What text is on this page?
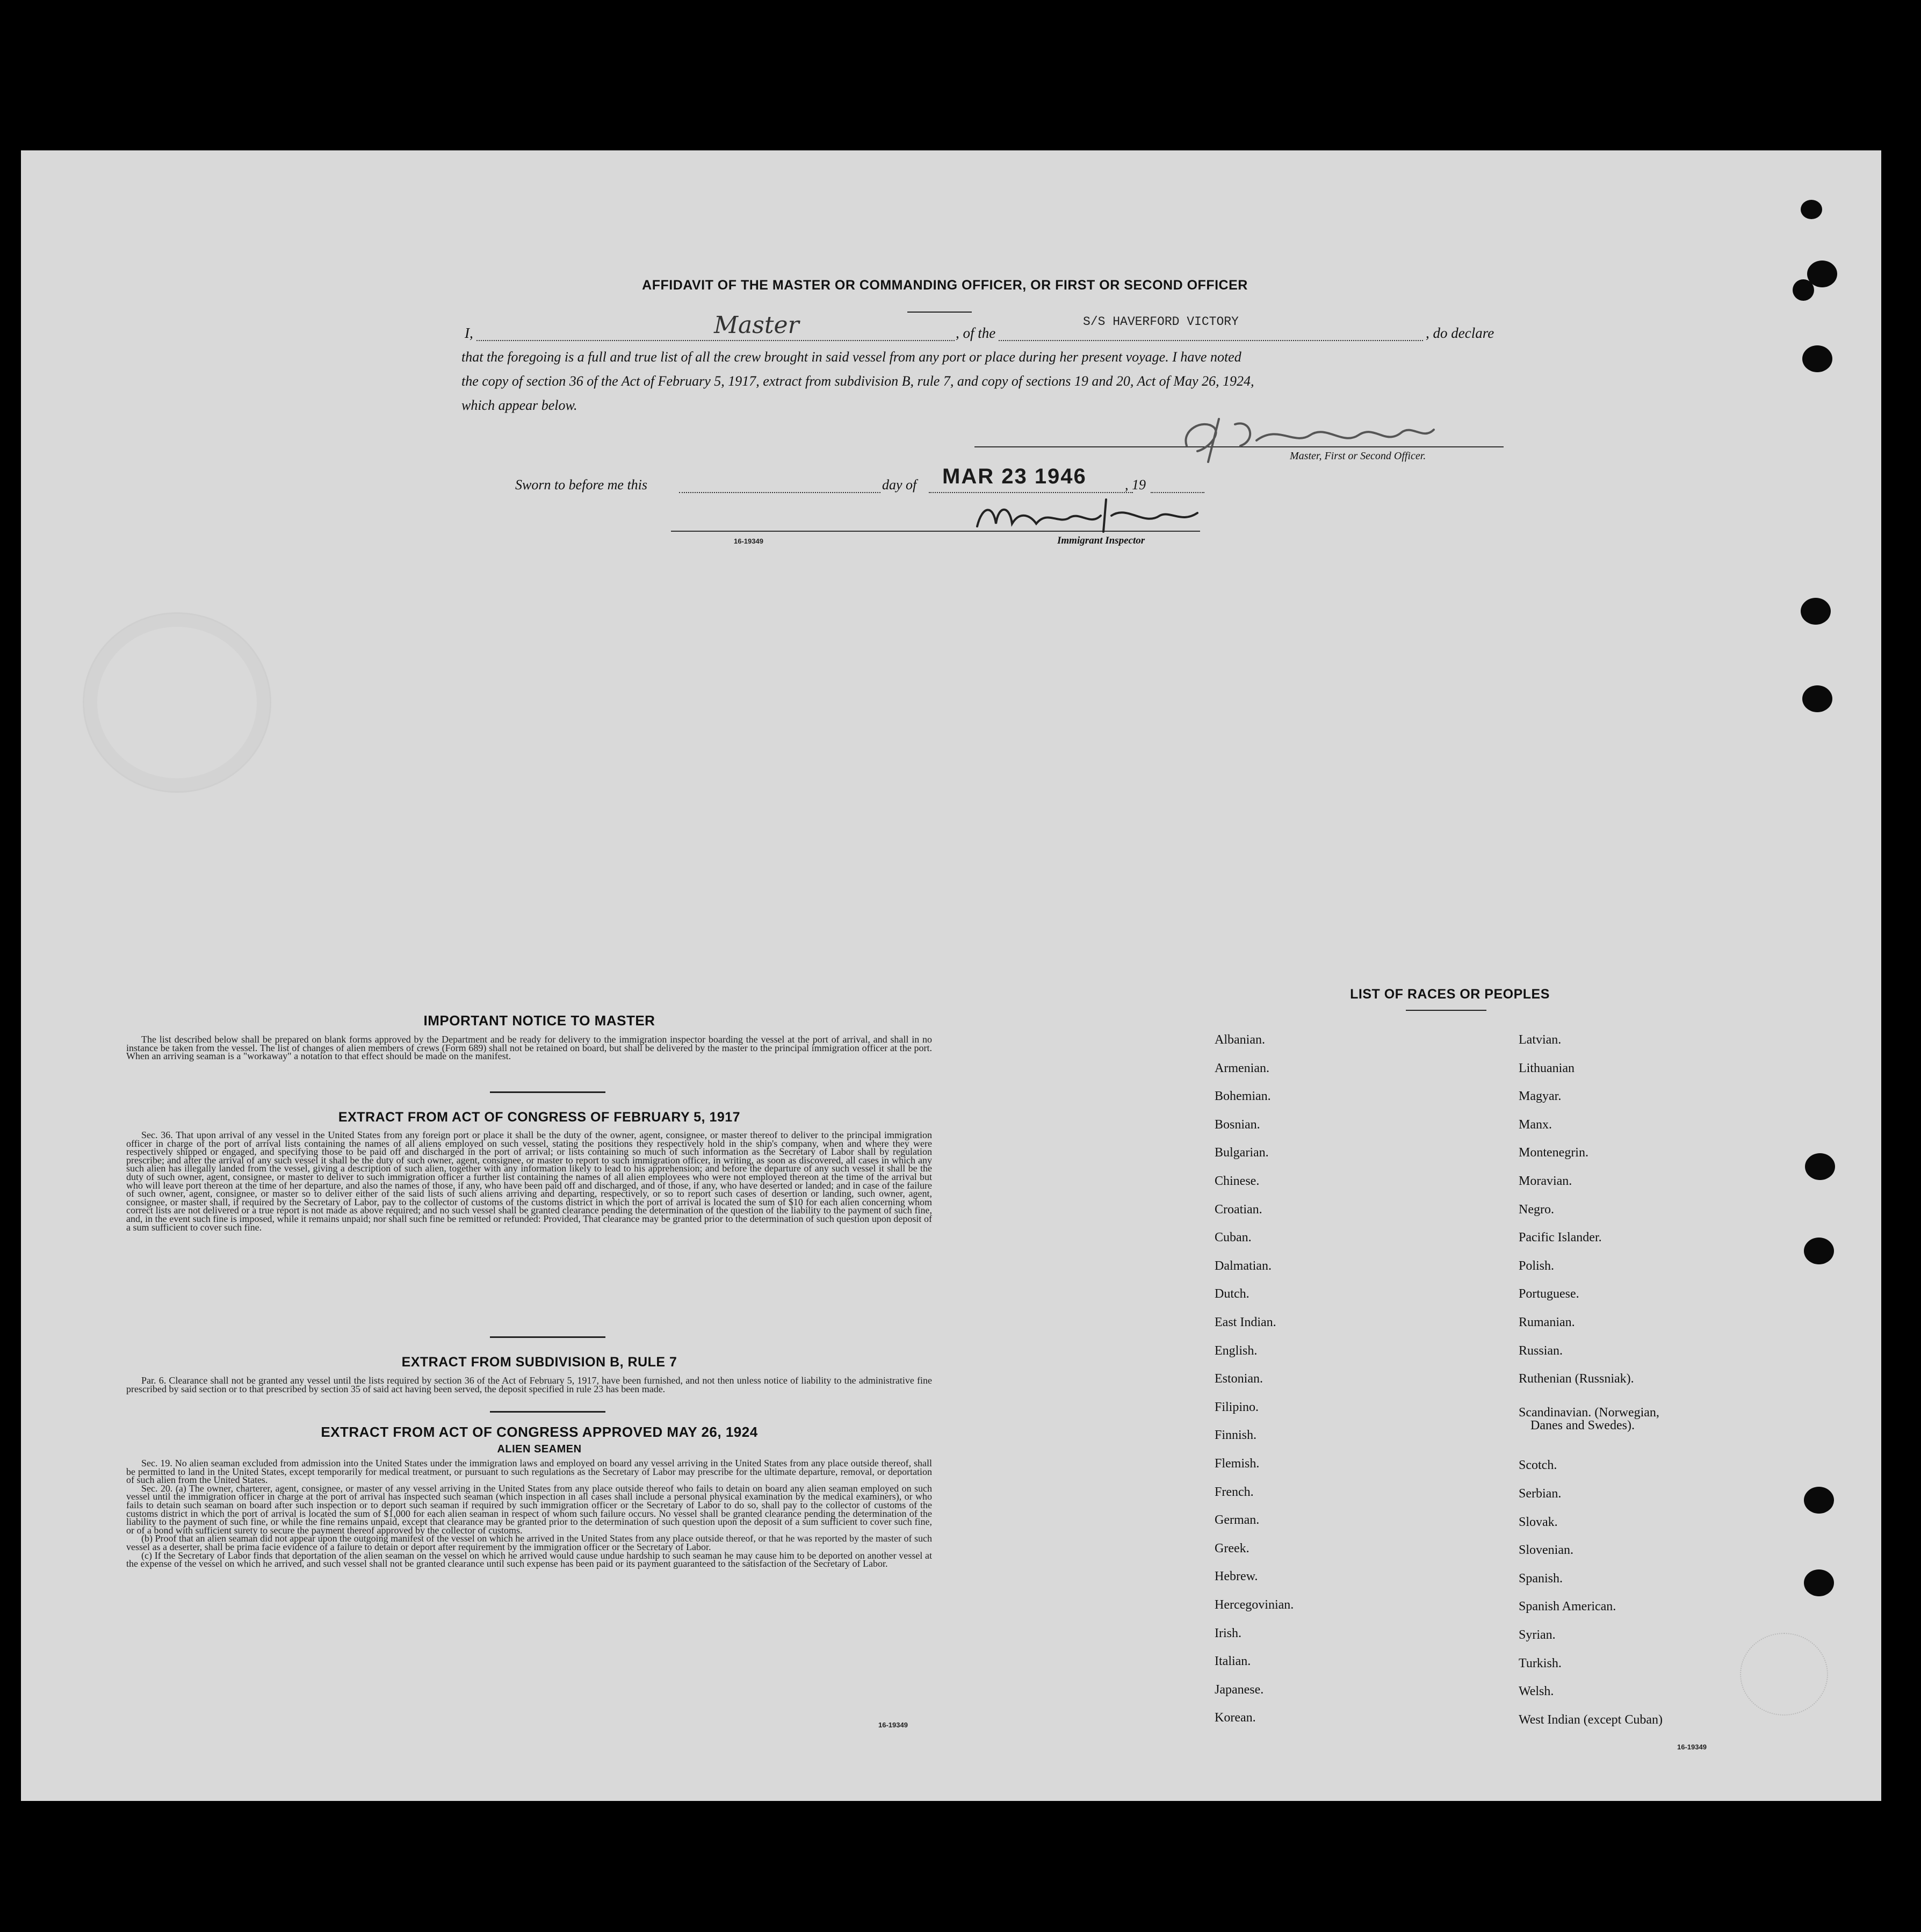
AFFIDAVIT OF THE MASTER OR COMMANDING OFFICER, OR FIRST OR SECOND OFFICER
I,	Master	, of the
S/S HAVERFORD VICTORY
, do declare
that the foregoing is a full and true list of all the crew brought in said vessel from any port or place during her present voyage. I have noted
the copy of section 36 of the Act of February 5, 1917, extract from subdivision B, rule 7, and copy of sections 19 and 20, Act of May 26, 1924,
which appear below.
Master, First or Second Officer.
Sworn to before me this	day of MAR 23 1946	, 19
16-19349	Immigrant Inspector
IMPORTANT NOTICE TO MASTER

The list described below shall be prepared on blank forms approved by the Department and be ready for delivery to the immigration inspector boarding the vessel at the port of arrival, and shall in no instance be taken from the vessel. The list of changes of alien members of crews (Form 689) shall not be retained on board, but shall be delivered by the master to the principal immigration officer at the port. When an arriving seaman is a "workaway" a notation to that effect should be made on the manifest.

EXTRACT FROM ACT OF CONGRESS OF FEBRUARY 5, 1917

Sec. 36. That upon arrival of any vessel in the United States from any foreign port or place it shall be the duty of the owner, agent, consignee, or master thereof to deliver to the principal immigration officer in charge of the port of arrival lists containing the names of all aliens employed on such vessel, stating the positions they respectively hold in the ship's company, when and where they were respectively shipped or engaged, and specifying those to be paid off and discharged in the port of arrival; or lists containing so much of such information as the Secretary of Labor shall by regulation prescribe; and after the arrival of any such vessel it shall be the duty of such owner, agent, consignee, or master to report to such immigration officer, in writing, as soon as discovered, all cases in which any such alien has illegally landed from the vessel, giving a description of such alien, together with any information likely to lead to his apprehension; and before the departure of any such vessel it shall be the duty of such owner, agent, consignee, or master to deliver to such immigration officer a further list containing the names of all alien employees who were not employed thereon at the time of the arrival but who will leave port thereon at the time of her departure, and also the names of those, if any, who have been paid off and discharged, and of those, if any, who have deserted or landed; and in case of the failure of such owner, agent, consignee, or master so to deliver either of the said lists of such aliens arriving and departing, respectively, or so to report such cases of desertion or landing, such owner, agent, consignee, or master shall, if required by the Secretary of Labor, pay to the collector of customs of the customs district in which the port of arrival is located the sum of $10 for each alien concerning whom correct lists are not delivered or a true report is not made as above required; and no such vessel shall be granted clearance pending the determination of the question of the liability to the payment of such fine, and, in the event such fine is imposed, while it remains unpaid; nor shall such fine be remitted or refunded: Provided, That clearance may be granted prior to the determination of such question upon deposit of a sum sufficient to cover such fine.

EXTRACT FROM SUBDIVISION B, RULE 7

Par. 6. Clearance shall not be granted any vessel until the lists required by section 36 of the Act of February 5, 1917, have been furnished, and not then unless notice of liability to the administrative fine prescribed by said section or to that prescribed by section 35 of said act having been served, the deposit specified in rule 23 has been made.

EXTRACT FROM ACT OF CONGRESS APPROVED MAY 26, 1924
ALIEN SEAMEN

Sec. 19. No alien seaman excluded from admission into the United States under the immigration laws and employed on board any vessel arriving in the United States from any place outside thereof, shall be permitted to land in the United States, except temporarily for medical treatment, or pursuant to such regulations as the Secretary of Labor may prescribe for the ultimate departure, removal, or deportation of such alien from the United States.

Sec. 20. (a) The owner, charterer, agent, consignee, or master of any vessel arriving in the United States from any place outside thereof who fails to detain on board any alien seaman employed on such vessel until the immigration officer in charge at the port of arrival has inspected such seaman (which inspection in all cases shall include a personal physical examination by the medical examiners), or who fails to detain such seaman on board after such inspection or to deport such seaman if required by such immigration officer or the Secretary of Labor to do so, shall pay to the collector of customs of the customs district in which the port of arrival is located the sum of $1,000 for each alien seaman in respect of whom such failure occurs. No vessel shall be granted clearance pending the determination of the liability to the payment of such fine, or while the fine remains unpaid, except that clearance may be granted prior to the determination of such question upon the deposit of a sum sufficient to cover such fine, or of a bond with sufficient surety to secure the payment thereof approved by the collector of customs.

(b) Proof that an alien seaman did not appear upon the outgoing manifest of the vessel on which he arrived in the United States from any place outside thereof, or that he was reported by the master of such vessel as a deserter, shall be prima facie evidence of a failure to detain or deport after requirement by the immigration officer or the Secretary of Labor.

(c) If the Secretary of Labor finds that deportation of the alien seaman on the vessel on which he arrived would cause undue hardship to such seaman he may cause him to be deported on another vessel at the expense of the vessel on which he arrived, and such vessel shall not be granted clearance until such expense has been paid or its payment guaranteed to the satisfaction of the Secretary of Labor.

16-19349
LIST OF RACES OR PEOPLES
16-19349
Albanian.
Armenian.
Bohemian.
Bosnian.
Bulgarian.
Chinese.
Croatian.
Cuban.
Dalmatian.
Dutch.
East Indian.
English.
Estonian.
Filipino.
Finnish.
Flemish.
French.
German.
Greek.
Hebrew.
Hercegovinian.
Irish.
Italian.
Japanese.
Korean.
Latvian.
Lithuanian
Magyar.
Manx.
Montenegrin.
Moravian.
Negro.
Pacific Islander.
Polish.
Portuguese.
Rumanian.
Russian.
Ruthenian (Russniak).
Scandinavian. (Norwegian,
Danes and Swedes).
Scotch.
Serbian.
Slovak.
Slovenian.
Spanish.
Spanish American.
Syrian.
Turkish.
Welsh.
West Indian (except Cuban)
